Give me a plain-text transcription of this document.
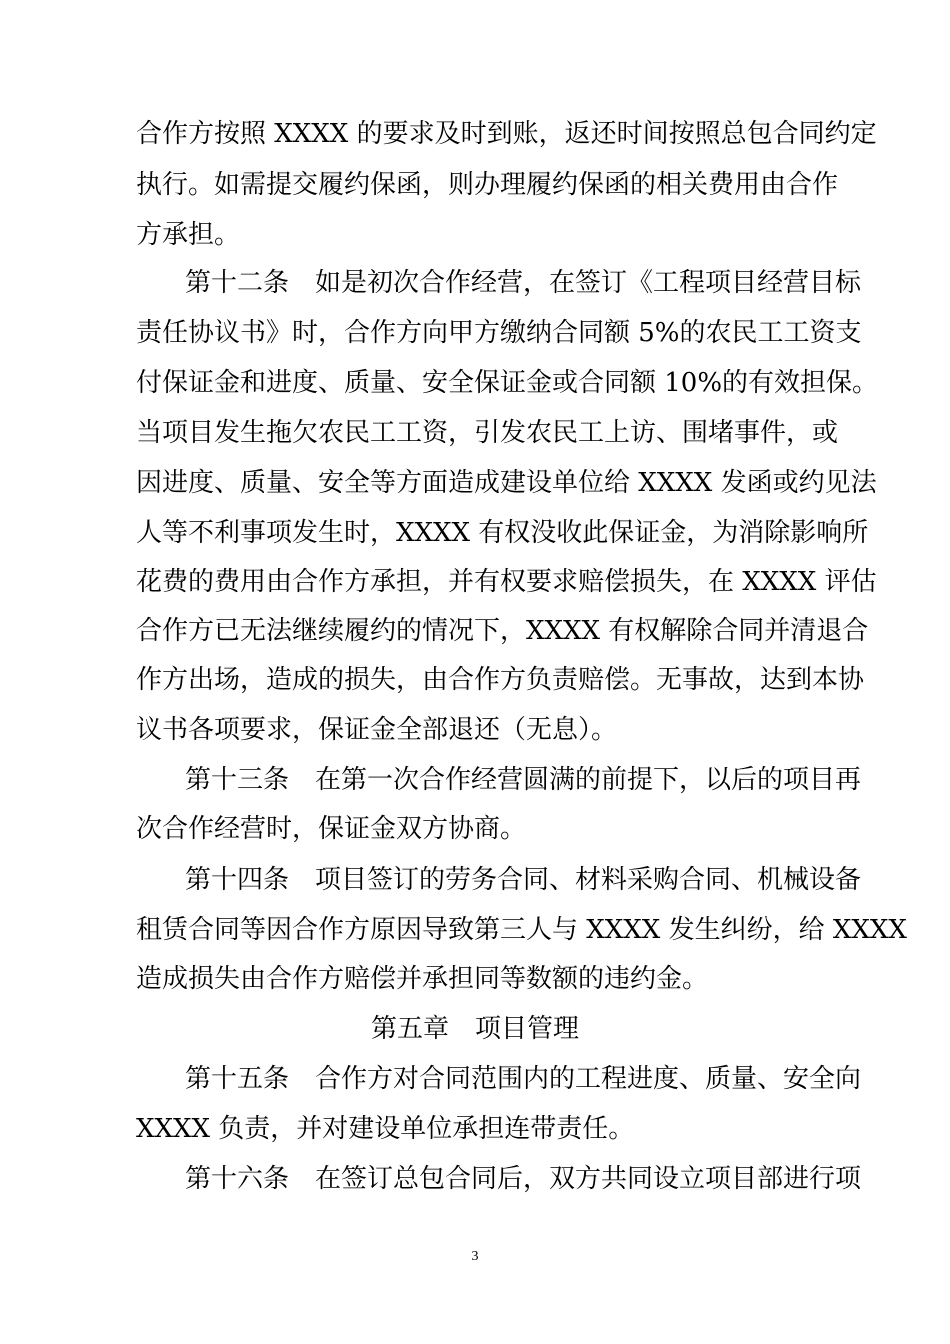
合作方按照 XXXX 的要求及时到账，返还时间按照总包合同约定
执行。如需提交履约保函，则办理履约保函的相关费用由合作
方承担。
第十二条　如是初次合作经营，在签订《工程项目经营目标
责任协议书》时，合作方向甲方缴纳合同额 5%的农民工工资支
付保证金和进度、质量、安全保证金或合同额 10%的有效担保。
当项目发生拖欠农民工工资，引发农民工上访、围堵事件，或
因进度、质量、安全等方面造成建设单位给 XXXX 发函或约见法
人等不利事项发生时，XXXX 有权没收此保证金，为消除影响所
花费的费用由合作方承担，并有权要求赔偿损失，在 XXXX 评估
合作方已无法继续履约的情况下，XXXX 有权解除合同并清退合
作方出场，造成的损失，由合作方负责赔偿。无事故，达到本协
议书各项要求，保证金全部退还（无息）。
第十三条　在第一次合作经营圆满的前提下，以后的项目再
次合作经营时，保证金双方协商。
第十四条　项目签订的劳务合同、材料采购合同、机械设备
租赁合同等因合作方原因导致第三人与 XXXX 发生纠纷，给 XXXX
造成损失由合作方赔偿并承担同等数额的违约金。
第五章　项目管理
第十五条　合作方对合同范围内的工程进度、质量、安全向
XXXX 负责，并对建设单位承担连带责任。
第十六条　在签订总包合同后，双方共同设立项目部进行项
3
